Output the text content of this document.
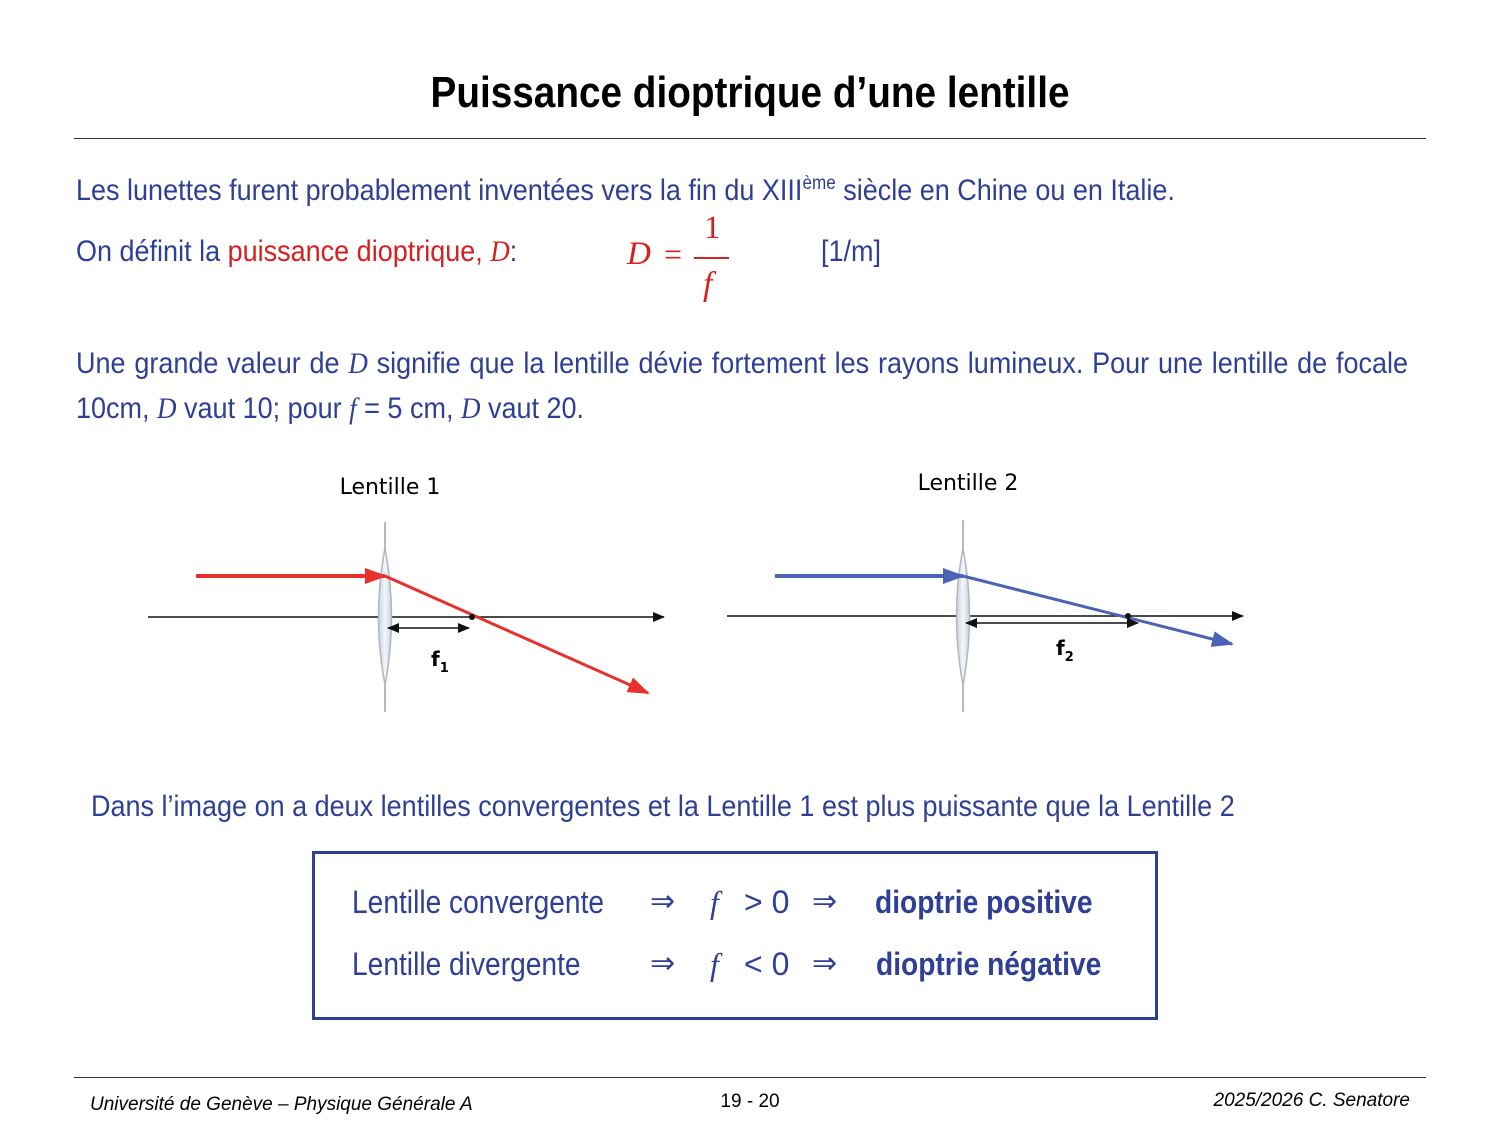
Puissance dioptrique d’une lentille
Les lunettes furent probablement inventées vers la fin du XIIIème siècle en Chine ou en Italie.
On définit la puissance dioptrique, D:	D =
1
f
[1/m]
Une grande valeur de D signifie que la lentille dévie fortement les rayons lumineux. Pour une lentille de focale 10cm, D vaut 10; pour f = 5 cm, D vaut 20.
Lentille 1
$f_1$
Lentille 2
$f_2$
Dans l’image on a deux lentilles convergentes et la Lentille 1 est plus puissante que la Lentille 2
Lentille convergente ⇒ f > 0 ⇒ dioptrie positive
Lentille divergente ⇒ f < 0 ⇒ dioptrie négative
Université de Genève – Physique Générale A	19 - 20	2025/2026 C. Senatore
